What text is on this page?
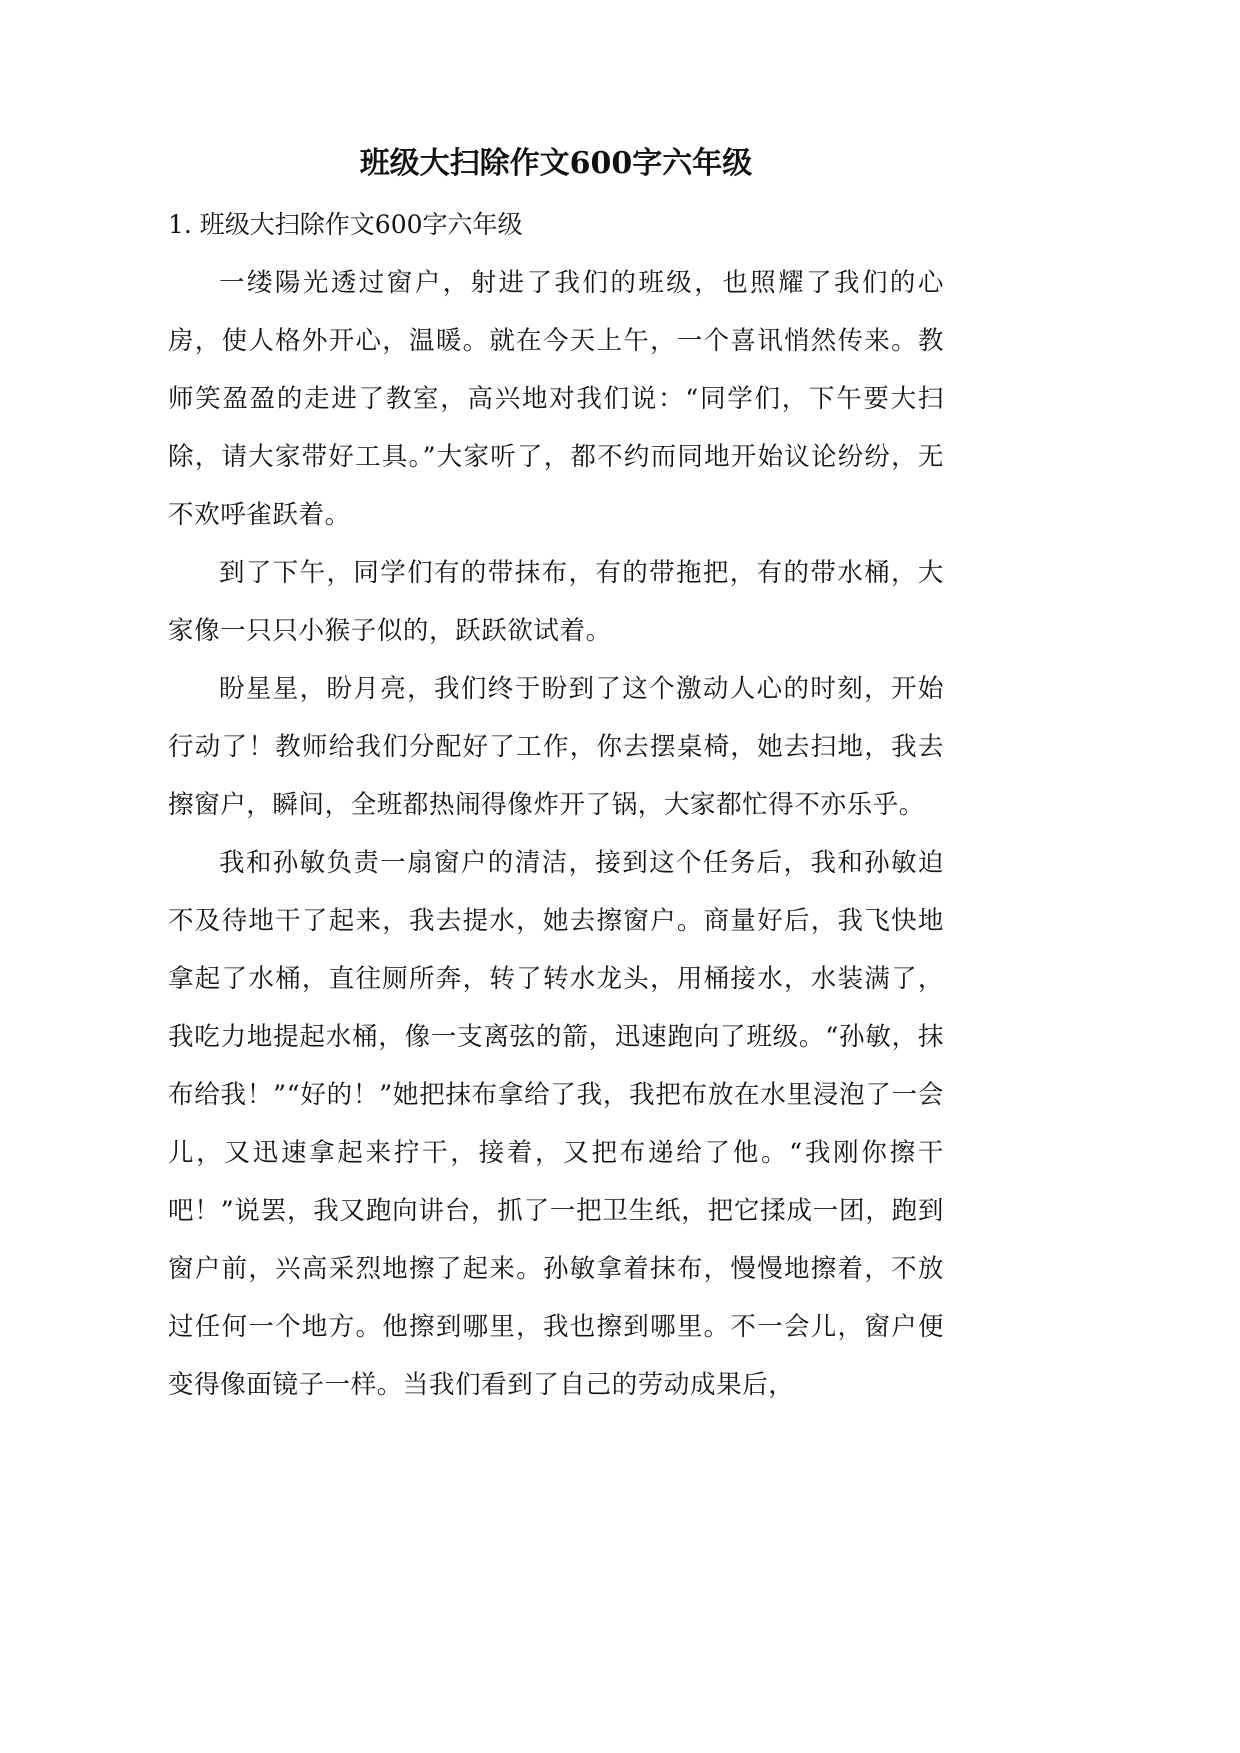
班级大扫除作文600字六年级

1. 班级大扫除作文600字六年级

一缕陽光透过窗户，射进了我们的班级，也照耀了我们的心房，使人格外开心，温暖。就在今天上午，一个喜讯悄然传来。教师笑盈盈的走进了教室，高兴地对我们说：“同学们，下午要大扫除，请大家带好工具。”大家听了，都不约而同地开始议论纷纷，无不欢呼雀跃着。

到了下午，同学们有的带抹布，有的带拖把，有的带水桶，大家像一只只小猴子似的，跃跃欲试着。

盼星星，盼月亮，我们终于盼到了这个激动人心的时刻，开始行动了！教师给我们分配好了工作，你去摆桌椅，她去扫地，我去擦窗户，瞬间，全班都热闹得像炸开了锅，大家都忙得不亦乐乎。

我和孙敏负责一扇窗户的清洁，接到这个任务后，我和孙敏迫不及待地干了起来，我去提水，她去擦窗户。商量好后，我飞快地拿起了水桶，直往厕所奔，转了转水龙头，用桶接水，水装满了，我吃力地提起水桶，像一支离弦的箭，迅速跑向了班级。“孙敏，抹布给我！”“好的！”她把抹布拿给了我，我把布放在水里浸泡了一会儿，又迅速拿起来拧干，接着，又把布递给了他。“我刚你擦干吧！”说罢，我又跑向讲台，抓了一把卫生纸，把它揉成一团，跑到窗户前，兴高采烈地擦了起来。孙敏拿着抹布，慢慢地擦着，不放过任何一个地方。他擦到哪里，我也擦到哪里。不一会儿，窗户便变得像面镜子一样。当我们看到了自己的劳动成果后，
